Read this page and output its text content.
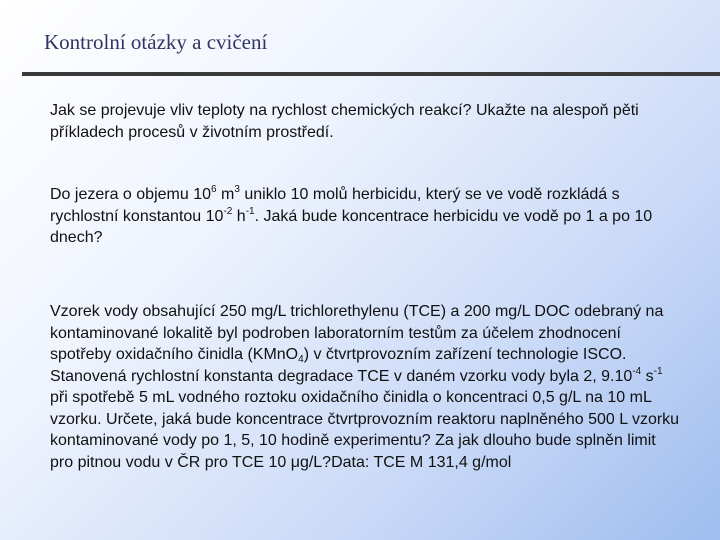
Kontrolní otázky a cvičení
Jak se projevuje vliv teploty na rychlost chemických reakcí? Ukažte na alespoň pěti příkladech procesů v životním prostředí.
Do jezera o objemu $10^6$ $m^3$ uniklo 10 molů herbicidu, který se ve vodě rozkládá s rychlostní konstantou $10^{-2}$ $h^{-1}$. Jaká bude koncentrace herbicidu ve vodě po 1 a po 10 dnech?
Vzorek vody obsahující 250 mg/L trichlorethylenu (TCE) a 200 mg/L DOC odebraný na kontaminované lokalitě byl podroben laboratorním testům za účelem zhodnocení spotřeby oxidačního činidla (KMnO$_4$) v čtvrtprovozním zařízení technologie ISCO. Stanovená rychlostní konstanta degradace TCE v daném vzorku vody byla 2, $9.10^{-4}$ $s^{-1}$ při spotřebě 5 mL vodného roztoku oxidačního činidla o koncentraci 0,5 g/L na 10 mL vzorku. Určete, jaká bude koncentrace čtvrtprovozním reaktoru naplněného 500 L vzorku kontaminované vody po 1, 5, 10 hodině experimentu? Za jak dlouho bude splněn limit pro pitnou vodu v ČR pro TCE 10 μg/L?Data: TCE M 131,4 g/mol
